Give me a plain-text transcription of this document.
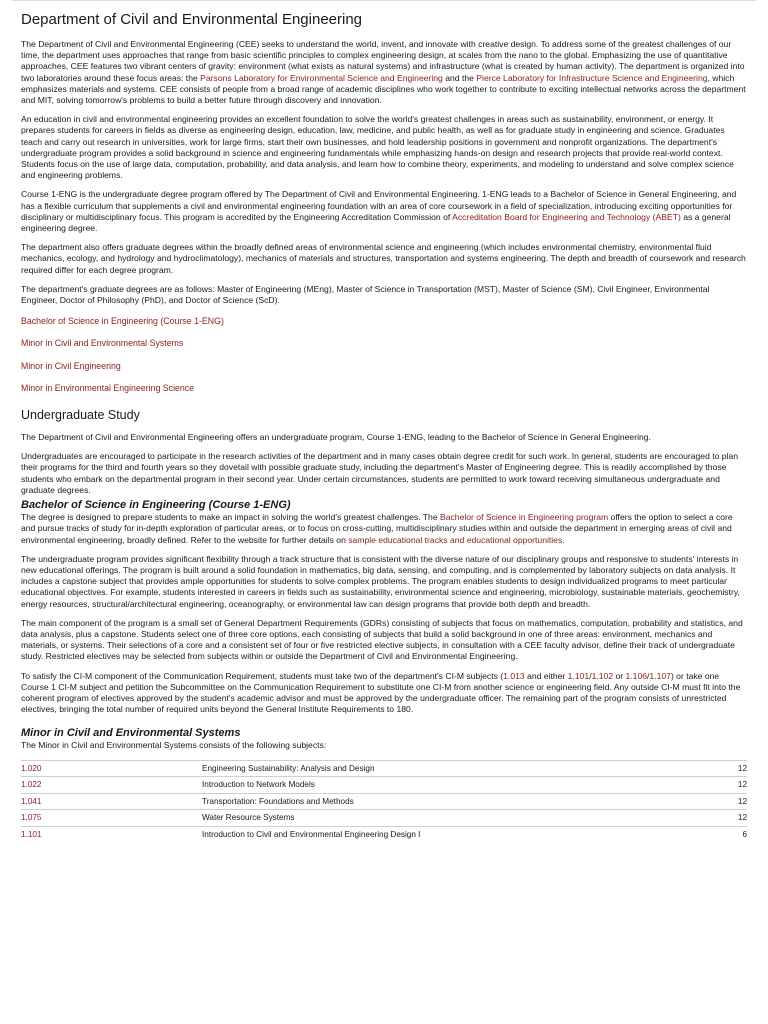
Department of Civil and Environmental Engineering

The Department of Civil and Environmental Engineering (CEE) seeks to understand the world, invent, and innovate with creative design. To address some of the greatest challenges of our time, the department uses approaches that range from basic scientific principles to complex engineering design, at scales from the nano to the global. Emphasizing the use of quantitative approaches, CEE features two vibrant centers of gravity: environment (what exists as natural systems) and infrastructure (what is created by human activity). The department is organized into two laboratories around these focus areas: the Parsons Laboratory for Environmental Science and Engineering and the Pierce Laboratory for Infrastructure Science and Engineering, which emphasizes materials and systems. CEE consists of people from a broad range of academic disciplines who work together to contribute to exciting intellectual networks across the department and MIT, solving tomorrow's problems to build a better future through discovery and innovation.

An education in civil and environmental engineering provides an excellent foundation to solve the world's greatest challenges in areas such as sustainability, environment, or energy. It prepares students for careers in fields as diverse as engineering design, education, law, medicine, and public health, as well as for graduate study in engineering and science. Graduates teach and carry out research in universities, work for large firms, start their own businesses, and hold leadership positions in government and nonprofit organizations. The department's undergraduate program provides a solid background in science and engineering fundamentals while emphasizing hands-on design and research projects that provide real-world context. Students focus on the use of large data, computation, probability, and data analysis, and learn how to combine theory, experiments, and modeling to understand and solve complex science and engineering problems.

Course 1-ENG is the undergraduate degree program offered by The Department of Civil and Environmental Engineering. 1-ENG leads to a Bachelor of Science in General Engineering, and has a flexible curriculum that supplements a civil and environmental engineering foundation with an area of core coursework in a field of specialization, introducing exciting opportunities for disciplinary or multidisciplinary focus. This program is accredited by the Engineering Accreditation Commission of Accreditation Board for Engineering and Technology (ABET) as a general engineering degree.

The department also offers graduate degrees within the broadly defined areas of environmental science and engineering (which includes environmental chemistry, environmental fluid mechanics, ecology, and hydrology and hydroclimatology), mechanics of materials and structures, transportation and systems engineering. The depth and breadth of coursework and research required differ for each degree program.

The department's graduate degrees are as follows: Master of Engineering (MEng), Master of Science in Transportation (MST), Master of Science (SM), Civil Engineer, Environmental Engineer, Doctor of Philosophy (PhD), and Doctor of Science (ScD).

Bachelor of Science in Engineering (Course 1-ENG)

Minor in Civil and Environmental Systems

Minor in Civil Engineering

Minor in Environmental Engineering Science

Undergraduate Study

The Department of Civil and Environmental Engineering offers an undergraduate program, Course 1-ENG, leading to the Bachelor of Science in General Engineering.

Undergraduates are encouraged to participate in the research activities of the department and in many cases obtain degree credit for such work. In general, students are encouraged to plan their programs for the third and fourth years so they dovetail with possible graduate study, including the department's Master of Engineering degree. This is readily accomplished by those students who embark on the departmental program in their second year. Under certain circumstances, students are permitted to work toward receiving simultaneous undergraduate and graduate degrees.

Bachelor of Science in Engineering (Course 1-ENG)

The degree is designed to prepare students to make an impact in solving the world's greatest challenges. The Bachelor of Science in Engineering program offers the option to select a core and pursue tracks of study for in-depth exploration of particular areas, or to focus on cross-cutting, multidisciplinary studies within and outside the department in emerging areas of civil and environmental engineering, broadly defined. Refer to the website for further details on sample educational tracks and educational opportunities.

The undergraduate program provides significant flexibility through a track structure that is consistent with the diverse nature of our disciplinary groups and responsive to students' interests in new educational offerings. The program is built around a solid foundation in mathematics, big data, sensing, and computing, and is complemented by laboratory subjects on data analysis. It includes a capstone subject that provides ample opportunities for students to solve complex problems. The program enables students to design individualized programs to meet particular educational objectives. For example, students interested in careers in fields such as sustainability, environmental science and engineering, microbiology, sustainable materials, geochemistry, energy resources, structural/architectural engineering, oceanography, or environmental law can design programs that provide both depth and breadth.

The main component of the program is a small set of General Department Requirements (GDRs) consisting of subjects that focus on mathematics, computation, probability and statistics, and data analysis, plus a capstone. Students select one of three core options, each consisting of subjects that build a solid background in one of three areas: environment, mechanics and materials, or systems. Their selections of a core and a consistent set of four or five restricted elective subjects, in consultation with a CEE faculty advisor, define their track of undergraduate study. Restricted electives may be selected from subjects within or outside the Department of Civil and Environmental Engineering.

To satisfy the CI-M component of the Communication Requirement, students must take two of the department's CI-M subjects (1.013 and either 1.101/1.102 or 1.106/1.107) or take one Course 1 CI-M subject and petition the Subcommittee on the Communication Requirement to substitute one CI-M from another science or engineering field. Any outside CI-M must fit into the coherent program of electives approved by the student's academic advisor and must be approved by the undergraduate officer. The remaining part of the program consists of unrestricted electives, bringing the total number of required units beyond the General Institute Requirements to 180.

Minor in Civil and Environmental Systems

The Minor in Civil and Environmental Systems consists of the following subjects:

1.020	Engineering Sustainability: Analysis and Design	12
1.022	Introduction to Network Models	12
1.041	Transportation: Foundations and Methods	12
1.075	Water Resource Systems	12
1.101	Introduction to Civil and Environmental Engineering Design I	6
